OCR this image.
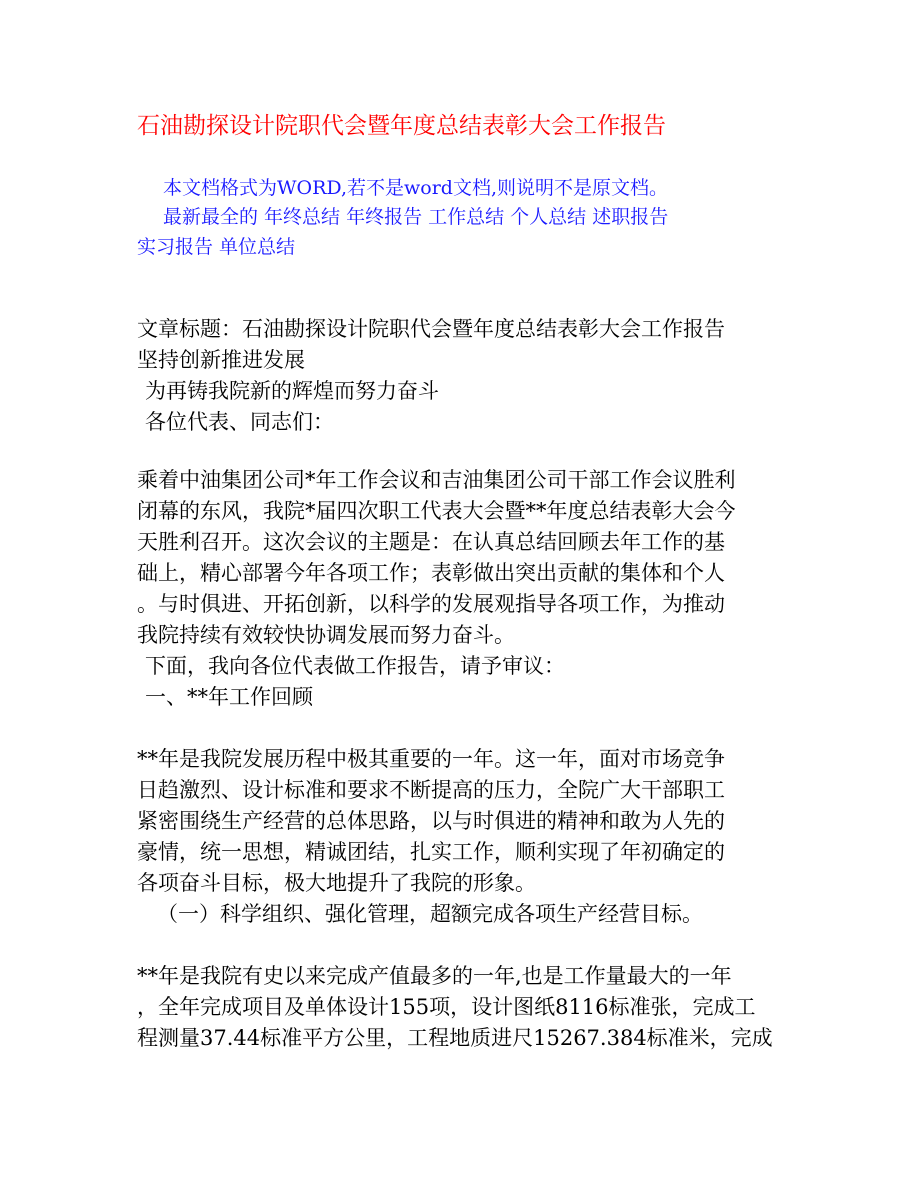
石油勘探设计院职代会暨年度总结表彰大会工作报告
本文档格式为WORD,若不是word文档,则说明不是原文档。
最新最全的 年终总结 年终报告 工作总结 个人总结 述职报告
实习报告 单位总结
文章标题：石油勘探设计院职代会暨年度总结表彰大会工作报告
坚持创新推进发展
为再铸我院新的辉煌而努力奋斗
各位代表、同志们：
乘着中油集团公司*年工作会议和吉油集团公司干部工作会议胜利
闭幕的东风，我院*届四次职工代表大会暨**年度总结表彰大会今
天胜利召开。这次会议的主题是：在认真总结回顾去年工作的基
础上，精心部署今年各项工作；表彰做出突出贡献的集体和个人
。与时俱进、开拓创新，以科学的发展观指导各项工作，为推动
我院持续有效较快协调发展而努力奋斗。
下面，我向各位代表做工作报告，请予审议：
一、**年工作回顾
**年是我院发展历程中极其重要的一年。这一年，面对市场竞争
日趋激烈、设计标准和要求不断提高的压力，全院广大干部职工
紧密围绕生产经营的总体思路，以与时俱进的精神和敢为人先的
豪情，统一思想，精诚团结，扎实工作，顺利实现了年初确定的
各项奋斗目标，极大地提升了我院的形象。
（一）科学组织、强化管理，超额完成各项生产经营目标。
**年是我院有史以来完成产值最多的一年,也是工作量最大的一年
，全年完成项目及单体设计155项，设计图纸8116标准张，完成工
程测量37.44标准平方公里，工程地质进尺15267.384标准米，完成
